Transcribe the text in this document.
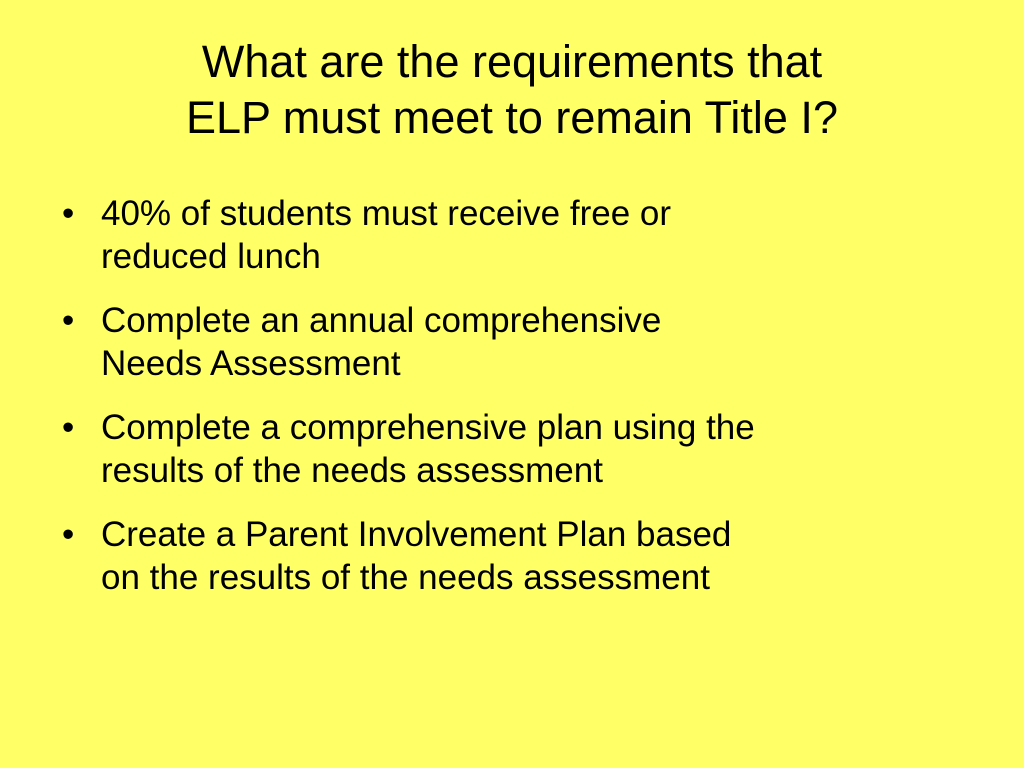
What are the requirements that
ELP must meet to remain Title I?
• 40% of students must receive free or
reduced lunch
• Complete an annual comprehensive
Needs Assessment
• Complete a comprehensive plan using the
results of the needs assessment
• Create a Parent Involvement Plan based
on the results of the needs assessment
